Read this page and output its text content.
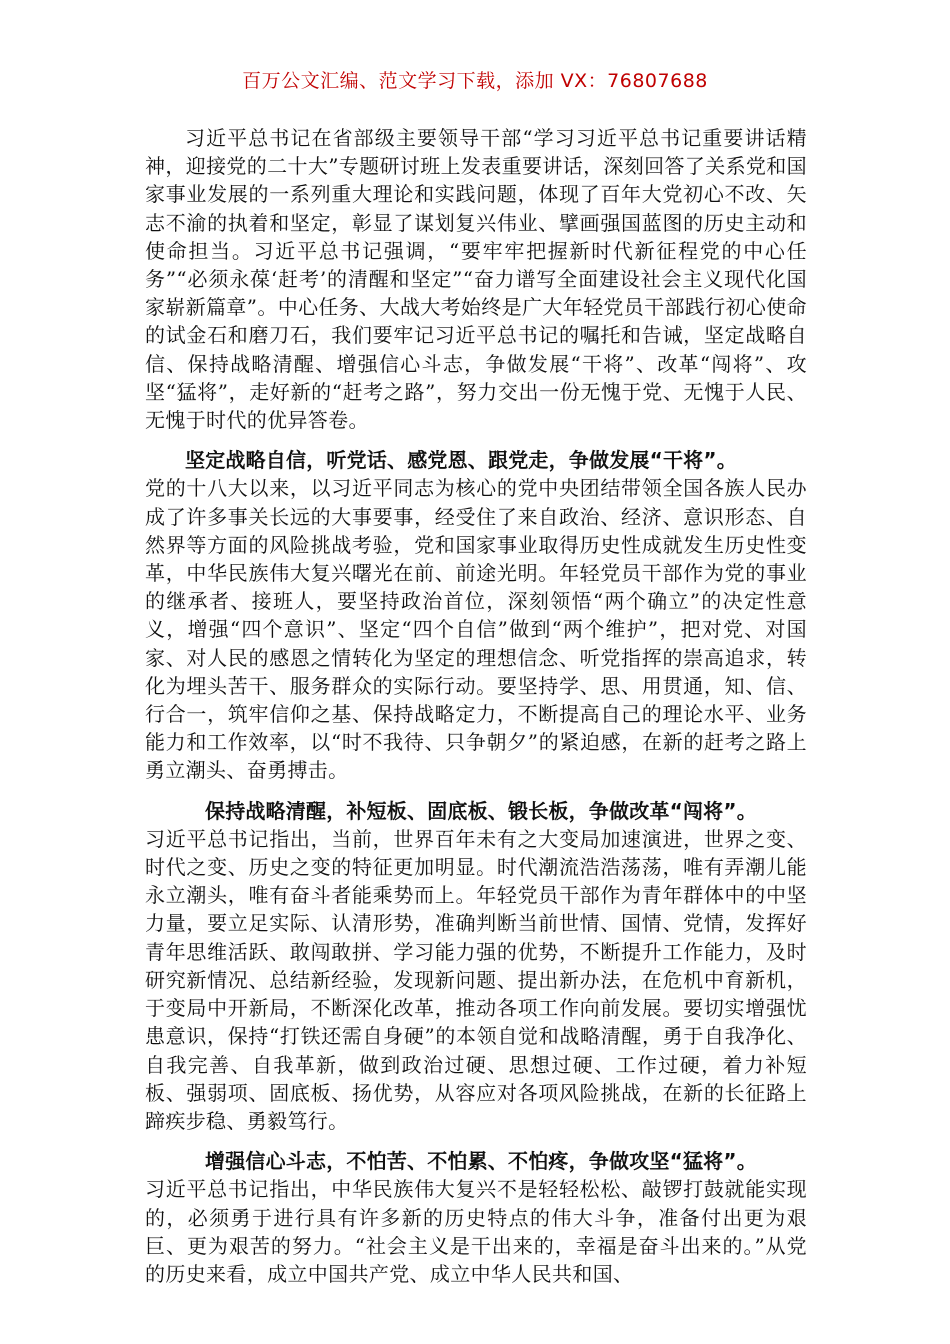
百万公文汇编、范文学习下载，添加 VX：76807688

习近平总书记在省部级主要领导干部“学习习近平总书记重要讲话精神，迎接党的二十大”专题研讨班上发表重要讲话，深刻回答了关系党和国家事业发展的一系列重大理论和实践问题，体现了百年大党初心不改、矢志不渝的执着和坚定，彰显了谋划复兴伟业、擘画强国蓝图的历史主动和使命担当。习近平总书记强调，“要牢牢把握新时代新征程党的中心任务”“必须永葆‘赶考’的清醒和坚定”“奋力谱写全面建设社会主义现代化国家崭新篇章”。中心任务、大战大考始终是广大年轻党员干部践行初心使命的试金石和磨刀石，我们要牢记习近平总书记的嘱托和告诫，坚定战略自信、保持战略清醒、增强信心斗志，争做发展“干将”、改革“闯将”、攻坚“猛将”，走好新的“赶考之路”，努力交出一份无愧于党、无愧于人民、无愧于时代的优异答卷。

坚定战略自信，听党话、感党恩、跟党走，争做发展“干将”。

党的十八大以来，以习近平同志为核心的党中央团结带领全国各族人民办成了许多事关长远的大事要事，经受住了来自政治、经济、意识形态、自然界等方面的风险挑战考验，党和国家事业取得历史性成就发生历史性变革，中华民族伟大复兴曙光在前、前途光明。年轻党员干部作为党的事业的继承者、接班人，要坚持政治首位，深刻领悟“两个确立”的决定性意义，增强“四个意识”、坚定“四个自信”做到“两个维护”，把对党、对国家、对人民的感恩之情转化为坚定的理想信念、听党指挥的崇高追求，转化为埋头苦干、服务群众的实际行动。要坚持学、思、用贯通，知、信、行合一，筑牢信仰之基、保持战略定力，不断提高自己的理论水平、业务能力和工作效率，以“时不我待、只争朝夕”的紧迫感，在新的赶考之路上勇立潮头、奋勇搏击。

保持战略清醒，补短板、固底板、锻长板，争做改革“闯将”。

习近平总书记指出，当前，世界百年未有之大变局加速演进，世界之变、时代之变、历史之变的特征更加明显。时代潮流浩浩荡荡，唯有弄潮儿能永立潮头，唯有奋斗者能乘势而上。年轻党员干部作为青年群体中的中坚力量，要立足实际、认清形势，准确判断当前世情、国情、党情，发挥好青年思维活跃、敢闯敢拼、学习能力强的优势，不断提升工作能力，及时研究新情况、总结新经验，发现新问题、提出新办法，在危机中育新机，于变局中开新局，不断深化改革，推动各项工作向前发展。要切实增强忧患意识，保持“打铁还需自身硬”的本领自觉和战略清醒，勇于自我净化、自我完善、自我革新，做到政治过硬、思想过硬、工作过硬，着力补短板、强弱项、固底板、扬优势，从容应对各项风险挑战，在新的长征路上蹄疾步稳、勇毅笃行。

增强信心斗志，不怕苦、不怕累、不怕疼，争做攻坚“猛将”。

习近平总书记指出，中华民族伟大复兴不是轻轻松松、敲锣打鼓就能实现的，必须勇于进行具有许多新的历史特点的伟大斗争，准备付出更为艰巨、更为艰苦的努力。“社会主义是干出来的，幸福是奋斗出来的。”从党的历史来看，成立中国共产党、成立中华人民共和国、
